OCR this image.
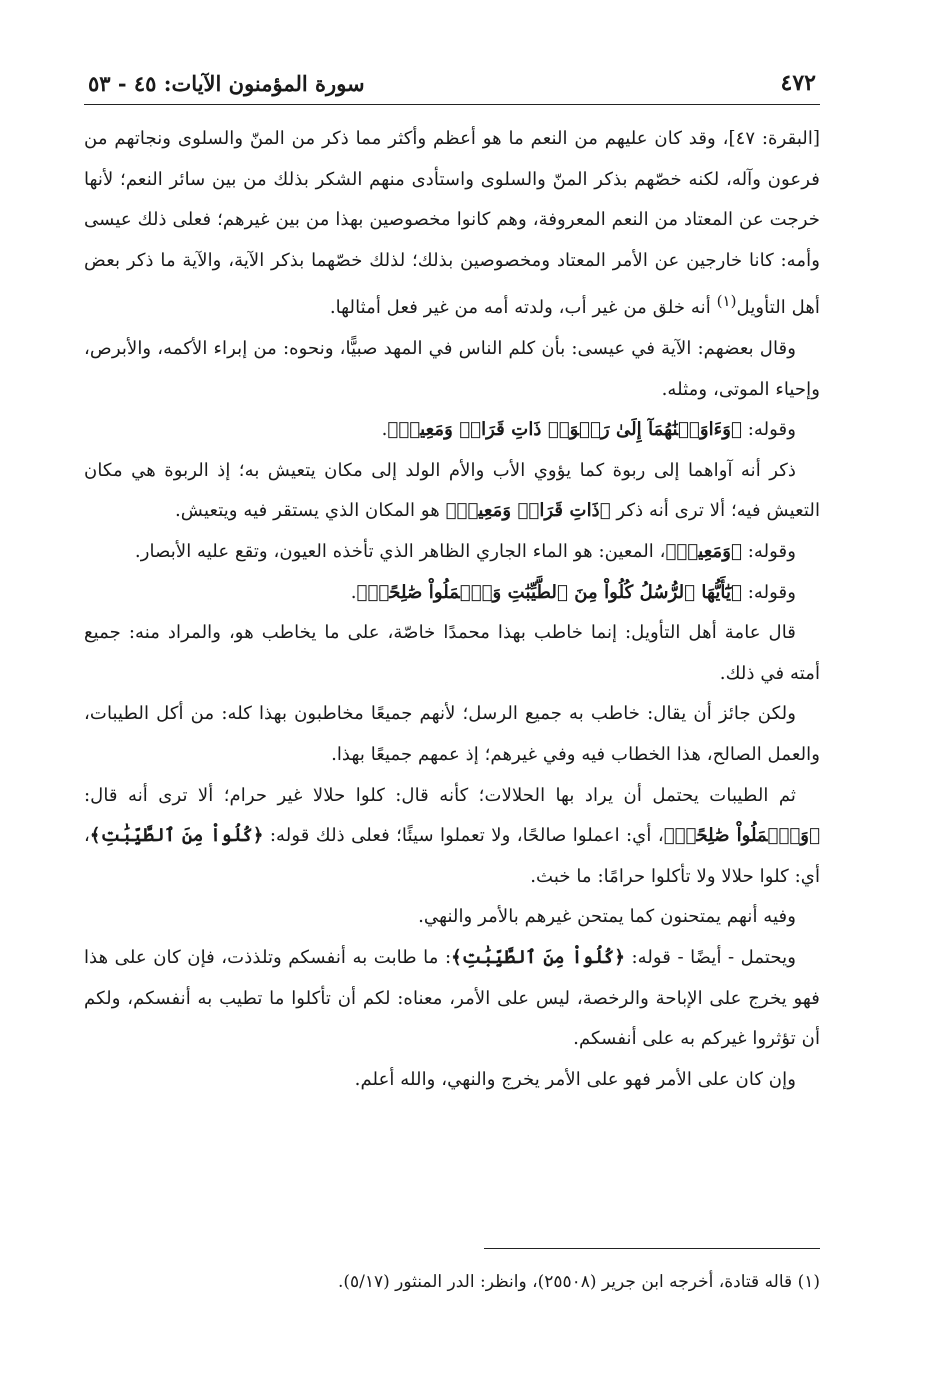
٤٧٢
سورة المؤمنون الآيات: ٤٥ - ٥٣

[البقرة: ٤٧]، وقد كان عليهم من النعم ما هو أعظم وأكثر مما ذكر من المنّ والسلوى ونجاتهم من فرعون وآله، لكنه خصّهم بذكر المنّ والسلوى واستأدى منهم الشكر بذلك من بين سائر النعم؛ لأنها خرجت عن المعتاد من النعم المعروفة، وهم كانوا مخصوصين بهذا من بين غيرهم؛ فعلى ذلك عيسى وأمه: كانا خارجين عن الأمر المعتاد ومخصوصين بذلك؛ لذلك خصّهما بذكر الآية، والآية ما ذكر بعض أهل التأويل$^{(١)}$ أنه خلق من غير أب، ولدته أمه من غير فعل أمثالها.

وقال بعضهم: الآية في عيسى: بأن كلم الناس في المهد صبيًّا، ونحوه: من إبراء الأكمه، والأبرص، وإحياء الموتى، ومثله.

وقوله: ﴿وَءَاوَيۡنَٰهُمَآ إِلَىٰ رَبۡوَةٖ ذَاتِ قَرَارٖ وَمَعِينٖ﴾.

ذكر أنه آواهما إلى ربوة كما يؤوي الأب والأم الولد إلى مكان يتعيش به؛ إذ الربوة هي مكان التعيش فيه؛ ألا ترى أنه ذكر ﴿ذَاتِ قَرَارٖ وَمَعِينٖ﴾ هو المكان الذي يستقر فيه ويتعيش.

وقوله: ﴿وَمَعِينٖ﴾، المعين: هو الماء الجاري الظاهر الذي تأخذه العيون، وتقع عليه الأبصار.

وقوله: ﴿يَٰٓأَيُّهَا ٱلرُّسُلُ كُلُواْ مِنَ ٱلطَّيِّبَٰتِ وَٱعۡمَلُواْ صَٰلِحًاۖ﴾.

قال عامة أهل التأويل: إنما خاطب بهذا محمدًا خاصّة، على ما يخاطب هو، والمراد منه: جميع أمته في ذلك.

ولكن جائز أن يقال: خاطب به جميع الرسل؛ لأنهم جميعًا مخاطبون بهذا كله: من أكل الطيبات، والعمل الصالح، هذا الخطاب فيه وفي غيرهم؛ إذ عمهم جميعًا بهذا.

ثم الطيبات يحتمل أن يراد بها الحلالات؛ كأنه قال: كلوا حلالا غير حرام؛ ألا ترى أنه قال: ﴿وَٱعۡمَلُواْ صَٰلِحًاۖ﴾، أي: اعملوا صالحًا، ولا تعملوا سيئًا؛ فعلى ذلك قوله: ﴿كُلُواْ مِنَ ٱلطَّيِّبَٰتِ﴾، أي: كلوا حلالا ولا تأكلوا حرامًا: ما خبث.

وفيه أنهم يمتحنون كما يمتحن غيرهم بالأمر والنهي.

ويحتمل - أيضًا - قوله: ﴿كُلُواْ مِنَ ٱلطَّيِّبَٰتِ﴾: ما طابت به أنفسكم وتلذذت، فإن كان على هذا فهو يخرج على الإباحة والرخصة، ليس على الأمر، معناه: لكم أن تأكلوا ما تطيب به أنفسكم، ولكم أن تؤثروا غيركم به على أنفسكم.

وإن كان على الأمر فهو على الأمر يخرج والنهي، والله أعلم.

(١) قاله قتادة، أخرجه ابن جرير (٢٥٥٠٨)، وانظر: الدر المنثور (٥/١٧).
